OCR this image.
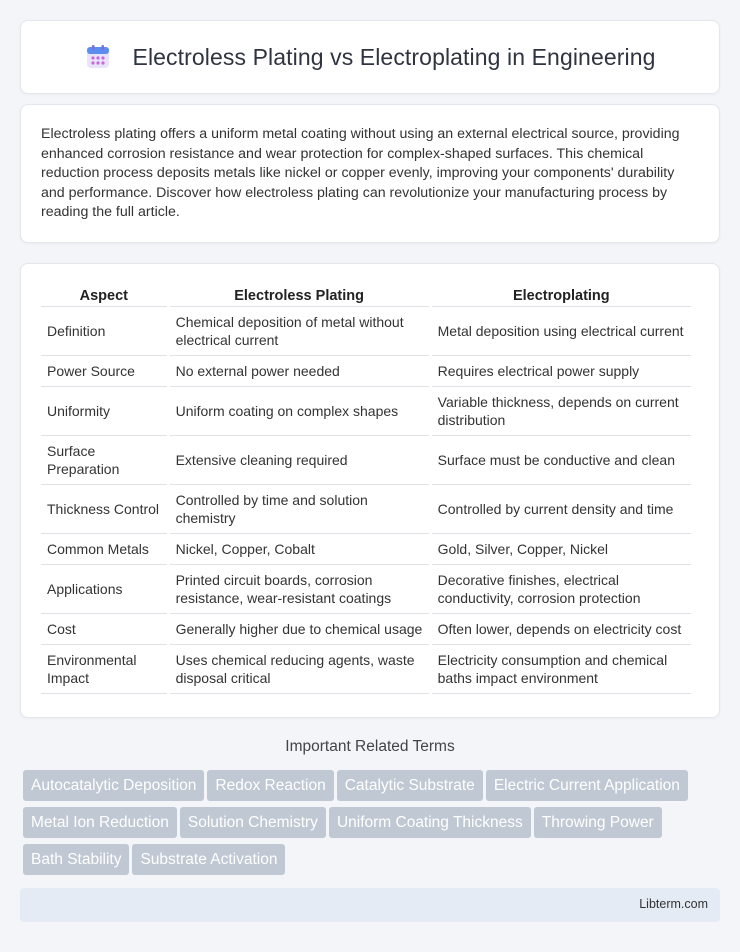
Electroless Plating vs Electroplating in Engineering

Electroless plating offers a uniform metal coating without using an external electrical source, providing enhanced corrosion resistance and wear protection for complex-shaped surfaces. This chemical reduction process deposits metals like nickel or copper evenly, improving your components' durability and performance. Discover how electroless plating can revolutionize your manufacturing process by reading the full article.

Aspect	Electroless Plating	Electroplating
Definition	Chemical deposition of metal without electrical current	Metal deposition using electrical current
Power Source	No external power needed	Requires electrical power supply
Uniformity	Uniform coating on complex shapes	Variable thickness, depends on current distribution
Surface Preparation	Extensive cleaning required	Surface must be conductive and clean
Thickness Control	Controlled by time and solution chemistry	Controlled by current density and time
Common Metals	Nickel, Copper, Cobalt	Gold, Silver, Copper, Nickel
Applications	Printed circuit boards, corrosion resistance, wear-resistant coatings	Decorative finishes, electrical conductivity, corrosion protection
Cost	Generally higher due to chemical usage	Often lower, depends on electricity cost
Environmental Impact	Uses chemical reducing agents, waste disposal critical	Electricity consumption and chemical baths impact environment
Important Related Terms
Autocatalytic Deposition Redox Reaction Catalytic Substrate Electric Current ApplicationMetal Ion Reduction Solution Chemistry Uniform Coating Thickness Throwing PowerBath Stability Substrate Activation
Libterm.com
